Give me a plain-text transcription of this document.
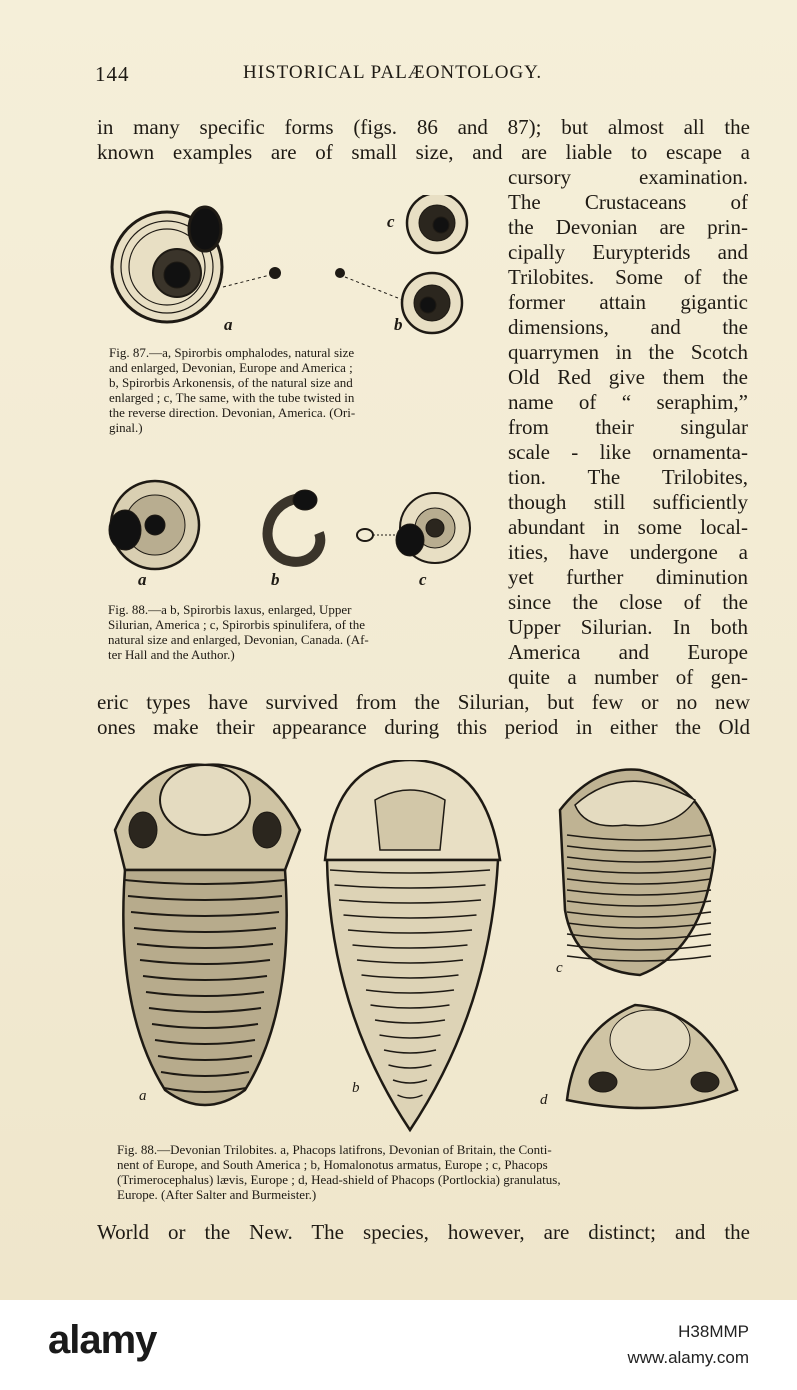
144	HISTORICAL PALÆONTOLOGY.
in many specific forms (figs. 86 and 87); but almost all the
known examples are of small size, and are liable to escape a
cursory examination.
The Crustaceans of
the Devonian are prin-
cipally Eurypterids and
Trilobites. Some of the
former attain gigantic
dimensions, and the
quarrymen in the Scotch
Old Red give them the
name of “ seraphim,”
from their singular
scale - like ornamenta-
tion. The Trilobites,
though still sufficiently
abundant in some local-
ities, have undergone a
yet further diminution
since the close of the
Upper Silurian. In both
America and Europe
quite a number of gen-
a	b
c
Fig. 87.—a, Spirorbis omphalodes, natural size
and enlarged, Devonian, Europe and America ;
b, Spirorbis Arkonensis, of the natural size and
enlarged ; c, The same, with the tube twisted in
the reverse direction. Devonian, America. (Ori-
ginal.)
a	b	c
Fig. 88.—a b, Spirorbis laxus, enlarged, Upper
Silurian, America ; c, Spirorbis spinulifera, of the
natural size and enlarged, Devonian, Canada. (Af-
ter Hall and the Author.)
eric types have survived from the Silurian, but few or no new
ones make their appearance during this period in either the Old
a	b
c
d
Fig. 88.—Devonian Trilobites. a, Phacops latifrons, Devonian of Britain, the Conti-
nent of Europe, and South America ; b, Homalonotus armatus, Europe ; c, Phacops
(Trimerocephalus) lævis, Europe ; d, Head-shield of Phacops (Portlockia) granulatus,
Europe. (After Salter and Burmeister.)
World or the New. The species, however, are distinct; and the
alamy	H38MMP
www.alamy.com
